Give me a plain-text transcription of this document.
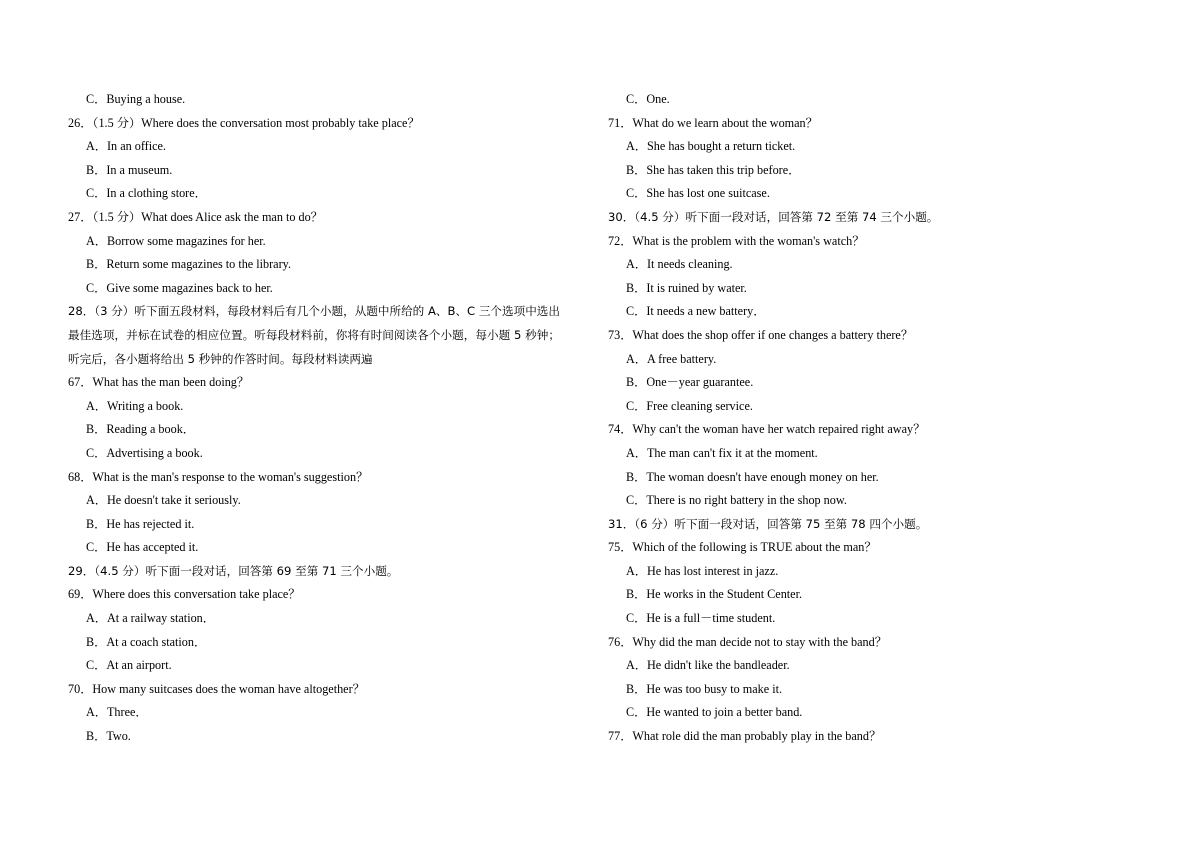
C．Buying a house.
26．（1.5 分）Where does the conversation most probably take place？
A．In an office.
B．In a museum.
C．In a clothing store．
27．（1.5 分）What does Alice ask the man to do？
A．Borrow some magazines for her.
B．Return some magazines to the library.
C．Give some magazines back to her.
28．（3 分）听下面五段材料，每段材料后有几个小题，从题中所给的 A、B、C 三个选项中选出最佳选项，并标在试卷的相应位置。听每段材料前，你将有时间阅读各个小题，每小题 5 秒钟；听完后，各小题将给出 5 秒钟的作答时间。每段材料读两遍
67．What has the man been doing？
A．Writing a book.
B．Reading a book．
C．Advertising a book.
68．What is the man's response to the woman's suggestion？
A．He doesn't take it seriously.
B．He has rejected it.
C．He has accepted it.
29．（4.5 分）听下面一段对话，回答第 69 至第 71 三个小题。
69．Where does this conversation take place？
A．At a railway station．
B．At a coach station．
C．At an airport.
70．How many suitcases does the woman have altogether？
A．Three．
B．Two.
C．One.
71．What do we learn about the woman？
A．She has bought a return ticket.
B．She has taken this trip before．
C．She has lost one suitcase.
30．（4.5 分）听下面一段对话，回答第 72 至第 74 三个小题。
72．What is the problem with the woman's watch？
A．It needs cleaning.
B．It is ruined by water.
C．It needs a new battery．
73．What does the shop offer if one changes a battery there？
A．A free battery.
B．One－year guarantee.
C．Free cleaning service.
74．Why can't the woman have her watch repaired right away？
A．The man can't fix it at the moment.
B．The woman doesn't have enough money on her.
C．There is no right battery in the shop now.
31．（6 分）听下面一段对话，回答第 75 至第 78 四个小题。
75．Which of the following is TRUE about the man？
A．He has lost interest in jazz.
B．He works in the Student Center.
C．He is a full－time student.
76．Why did the man decide not to stay with the band？
A．He didn't like the bandleader.
B．He was too busy to make it.
C．He wanted to join a better band.
77．What role did the man probably play in the band？
